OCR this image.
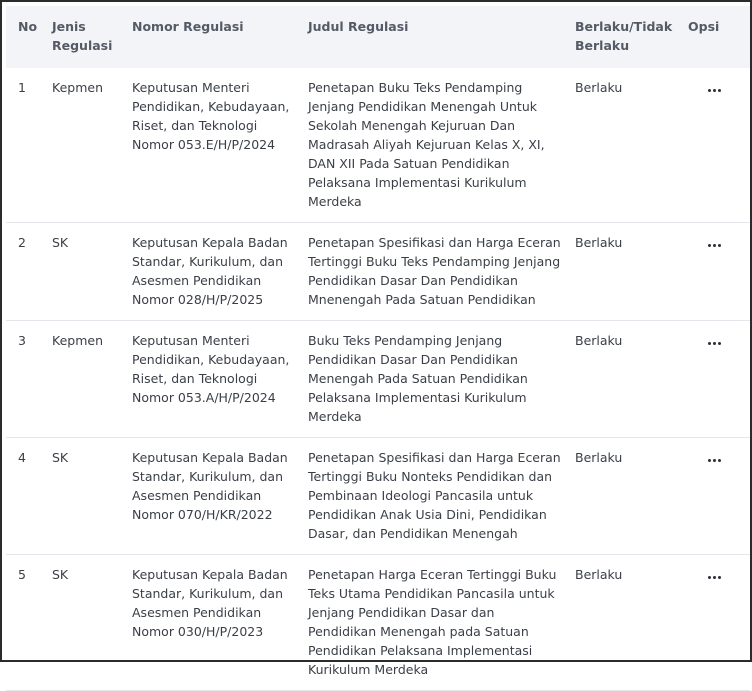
No	Jenis Regulasi	Nomor Regulasi	Judul Regulasi	Berlaku/Tidak Berlaku	Opsi
1	Kepmen	Keputusan Menteri Pendidikan, Kebudayaan, Riset, dan Teknologi Nomor 053.E/H/P/2024	Penetapan Buku Teks Pendamping Jenjang Pendidikan Menengah Untuk Sekolah Menengah Kejuruan Dan Madrasah Aliyah Kejuruan Kelas X, XI, DAN XII Pada Satuan Pendidikan Pelaksana Implementasi Kurikulum Merdeka	Berlaku	

2	SK	Keputusan Kepala Badan Standar, Kurikulum, dan Asesmen Pendidikan Nomor 028/H/P/2025	Penetapan Spesifikasi dan Harga Eceran Tertinggi Buku Teks Pendamping Jenjang Pendidikan Dasar Dan Pendidikan Mnenengah Pada Satuan Pendidikan	Berlaku	

3	Kepmen	Keputusan Menteri Pendidikan, Kebudayaan, Riset, dan Teknologi Nomor 053.A/H/P/2024	Buku Teks Pendamping Jenjang Pendidikan Dasar Dan Pendidikan Menengah Pada Satuan Pendidikan Pelaksana Implementasi Kurikulum Merdeka	Berlaku	

4	SK	Keputusan Kepala Badan Standar, Kurikulum, dan Asesmen Pendidikan Nomor 070/H/KR/2022	Penetapan Spesifikasi dan Harga Eceran Tertinggi Buku Nonteks Pendidikan dan Pembinaan Ideologi Pancasila untuk Pendidikan Anak Usia Dini, Pendidikan Dasar, dan Pendidikan Menengah	Berlaku	

5	SK	Keputusan Kepala Badan Standar, Kurikulum, dan Asesmen Pendidikan Nomor 030/H/P/2023	Penetapan Harga Eceran Tertinggi Buku Teks Utama Pendidikan Pancasila untuk Jenjang Pendidikan Dasar dan Pendidikan Menengah pada Satuan Pendidikan Pelaksana Implementasi Kurikulum Merdeka	Berlaku	
